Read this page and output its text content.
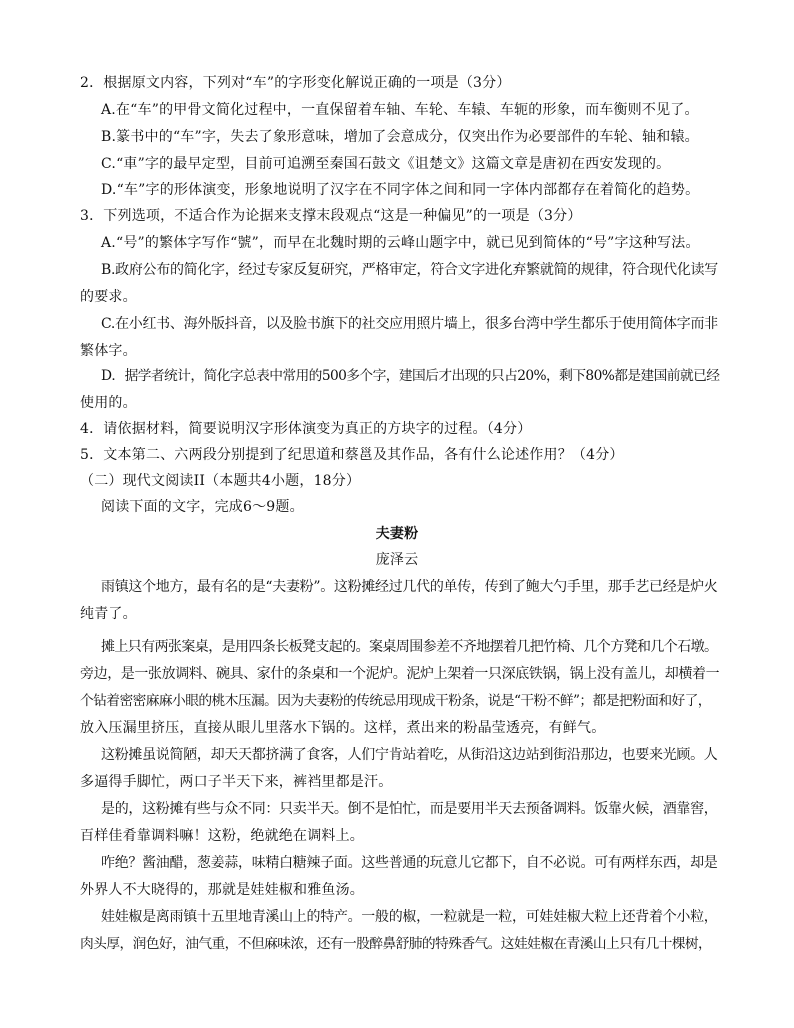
2．根据原文内容，下列对“车”的字形变化解说正确的一项是（3分）
A.在“车”的甲骨文简化过程中，一直保留着车轴、车轮、车辕、车轭的形象，而车衡则不见了。
B.篆书中的“车”字，失去了象形意味，增加了会意成分，仅突出作为必要部件的车轮、轴和辕。
C.“車”字的最早定型，目前可追溯至秦国石鼓文《诅楚文》这篇文章是唐初在西安发现的。
D.“车”字的形体演变，形象地说明了汉字在不同字体之间和同一字体内部都存在着简化的趋势。
3．下列选项，不适合作为论据来支撑末段观点“这是一种偏见”的一项是（3分）
A.“号”的繁体字写作“號”，而早在北魏时期的云峰山题字中，就已见到简体的“号”字这种写法。
B.政府公布的简化字，经过专家反复研究，严格审定，符合文字进化弃繁就简的规律，符合现代化读写
的要求。
C.在小红书、海外版抖音，以及脸书旗下的社交应用照片墙上，很多台湾中学生都乐于使用简体字而非
繁体字。
D．据学者统计，简化字总表中常用的500多个字，建国后才出现的只占20%，剩下80%都是建国前就已经
使用的。
4．请依据材料，简要说明汉字形体演变为真正的方块字的过程。（4分）
5．文本第二、六两段分别提到了纪思道和蔡邕及其作品，各有什么论述作用？（4分）
（二）现代文阅读II（本题共4小题，18分）
阅读下面的文字，完成6～9题。
夫妻粉
庞泽云
雨镇这个地方，最有名的是“夫妻粉”。这粉摊经过几代的单传，传到了鲍大勺手里，那手艺已经是炉火
纯青了。
摊上只有两张案桌，是用四条长板凳支起的。案桌周围参差不齐地摆着几把竹椅、几个方凳和几个石墩。
旁边，是一张放调料、碗具、家什的条桌和一个泥炉。泥炉上架着一只深底铁锅，锅上没有盖儿，却横着一
个钻着密密麻麻小眼的桃木压漏。因为夫妻粉的传统忌用现成干粉条，说是“干粉不鲜”；都是把粉面和好了，
放入压漏里挤压，直接从眼儿里落水下锅的。这样，煮出来的粉晶莹透亮，有鲜气。
这粉摊虽说简陋，却天天都挤满了食客，人们宁肯站着吃，从街沿这边站到街沿那边，也要来光顾。人
多逼得手脚忙，两口子半天下来，裤裆里都是汗。
是的，这粉摊有些与众不同：只卖半天。倒不是怕忙，而是要用半天去预备调料。饭靠火候，酒靠窖，
百样佳肴靠调料嘛！这粉，绝就绝在调料上。
咋绝？酱油醋，葱姜蒜，味精白糖辣子面。这些普通的玩意儿它都下，自不必说。可有两样东西，却是
外界人不大晓得的，那就是娃娃椒和雅鱼汤。
娃娃椒是离雨镇十五里地青溪山上的特产。一般的椒，一粒就是一粒，可娃娃椒大粒上还背着个小粒，
肉头厚，润色好，油气重，不但麻味浓，还有一股醉鼻舒肺的特殊香气。这娃娃椒在青溪山上只有几十棵树，
